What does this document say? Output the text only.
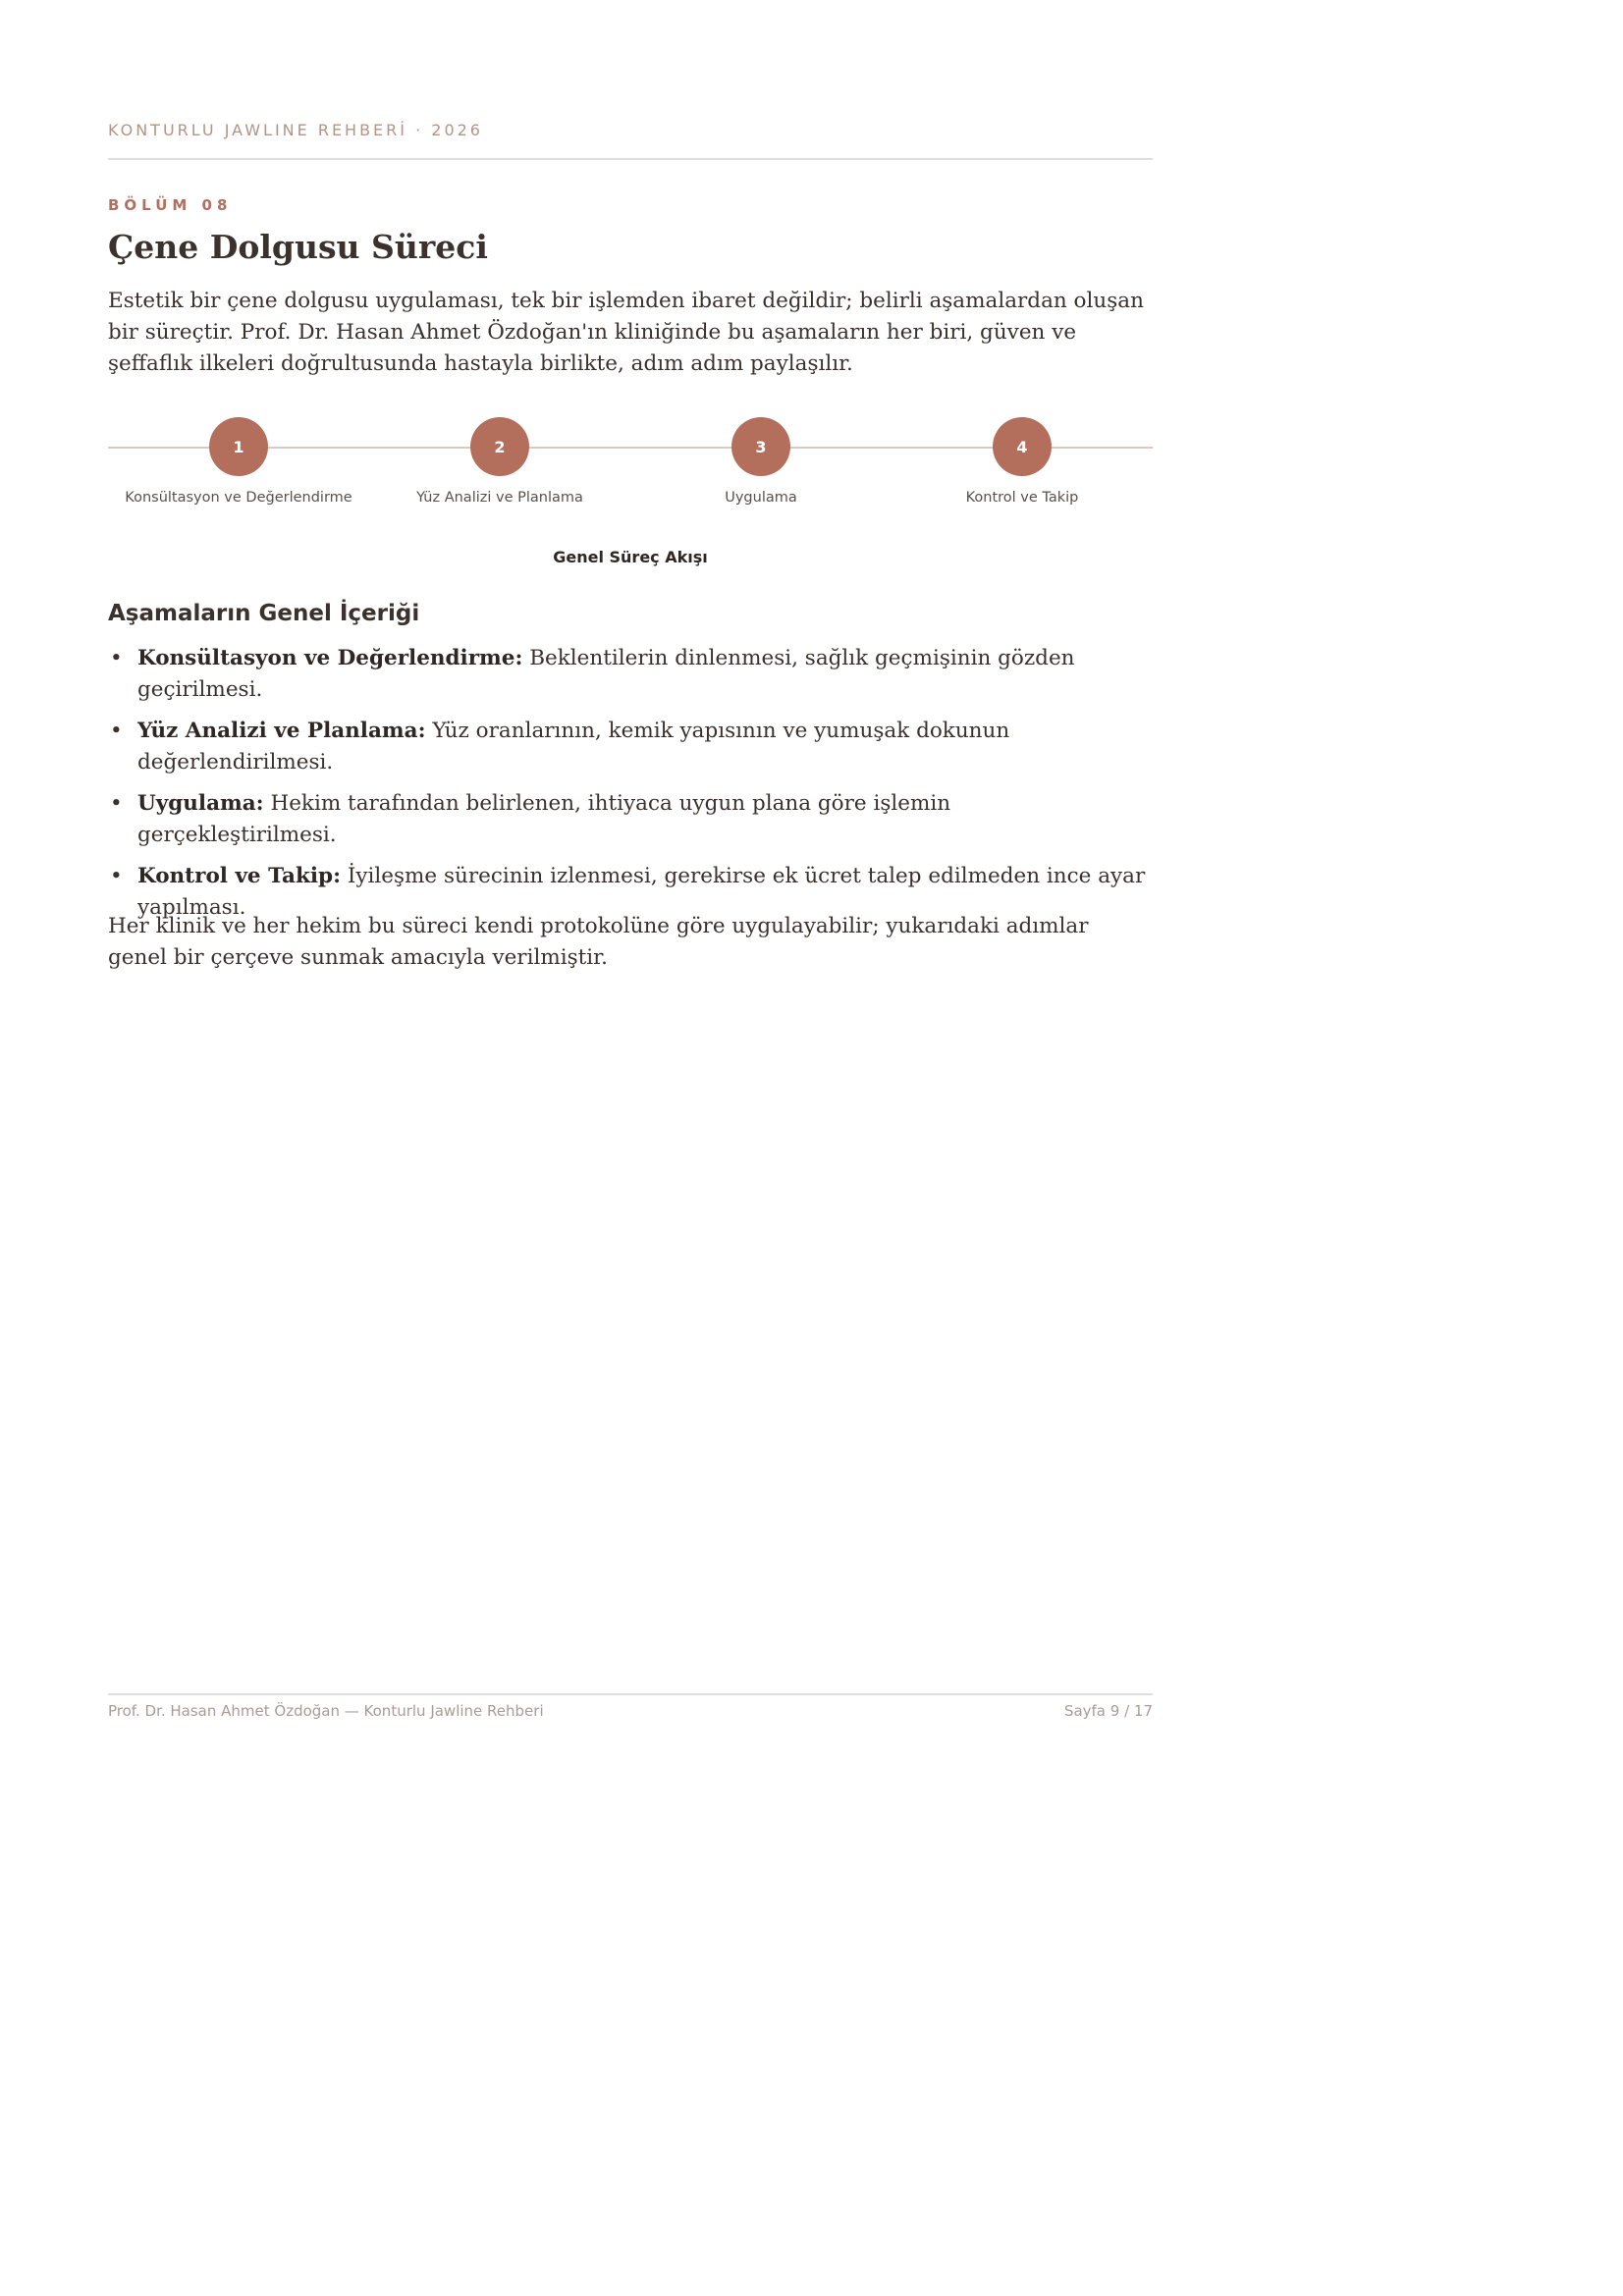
KONTURLU JAWLINE REHBERİ · 2026
BÖLÜM 08
Çene Dolgusu Süreci

Estetik bir çene dolgusu uygulaması, tek bir işlemden ibaret değildir; belirli aşamalardan oluşan bir süreçtir. Prof. Dr. Hasan Ahmet Özdoğan'ın kliniğinde bu aşamaların her biri, güven ve şeffaflık ilkeleri doğrultusunda hastayla birlikte, adım adım paylaşılır.

1
Konsültasyon ve Değerlendirme
2
Yüz Analizi ve Planlama
3
Uygulama
4
Kontrol ve Takip
Genel Süreç Akışı
Aşamaların Genel İçeriği
• Konsültasyon ve Değerlendirme: Beklentilerin dinlenmesi, sağlık geçmişinin gözden geçirilmesi.
• Yüz Analizi ve Planlama: Yüz oranlarının, kemik yapısının ve yumuşak dokunun değerlendirilmesi.
• Uygulama: Hekim tarafından belirlenen, ihtiyaca uygun plana göre işlemin gerçekleştirilmesi.
• Kontrol ve Takip: İyileşme sürecinin izlenmesi, gerekirse ek ücret talep edilmeden ince ayar yapılması.

Her klinik ve her hekim bu süreci kendi protokolüne göre uygulayabilir; yukarıdaki adımlar genel bir çerçeve sunmak amacıyla verilmiştir.

Prof. Dr. Hasan Ahmet Özdoğan — Konturlu Jawline Rehberi	Sayfa 9 / 17
